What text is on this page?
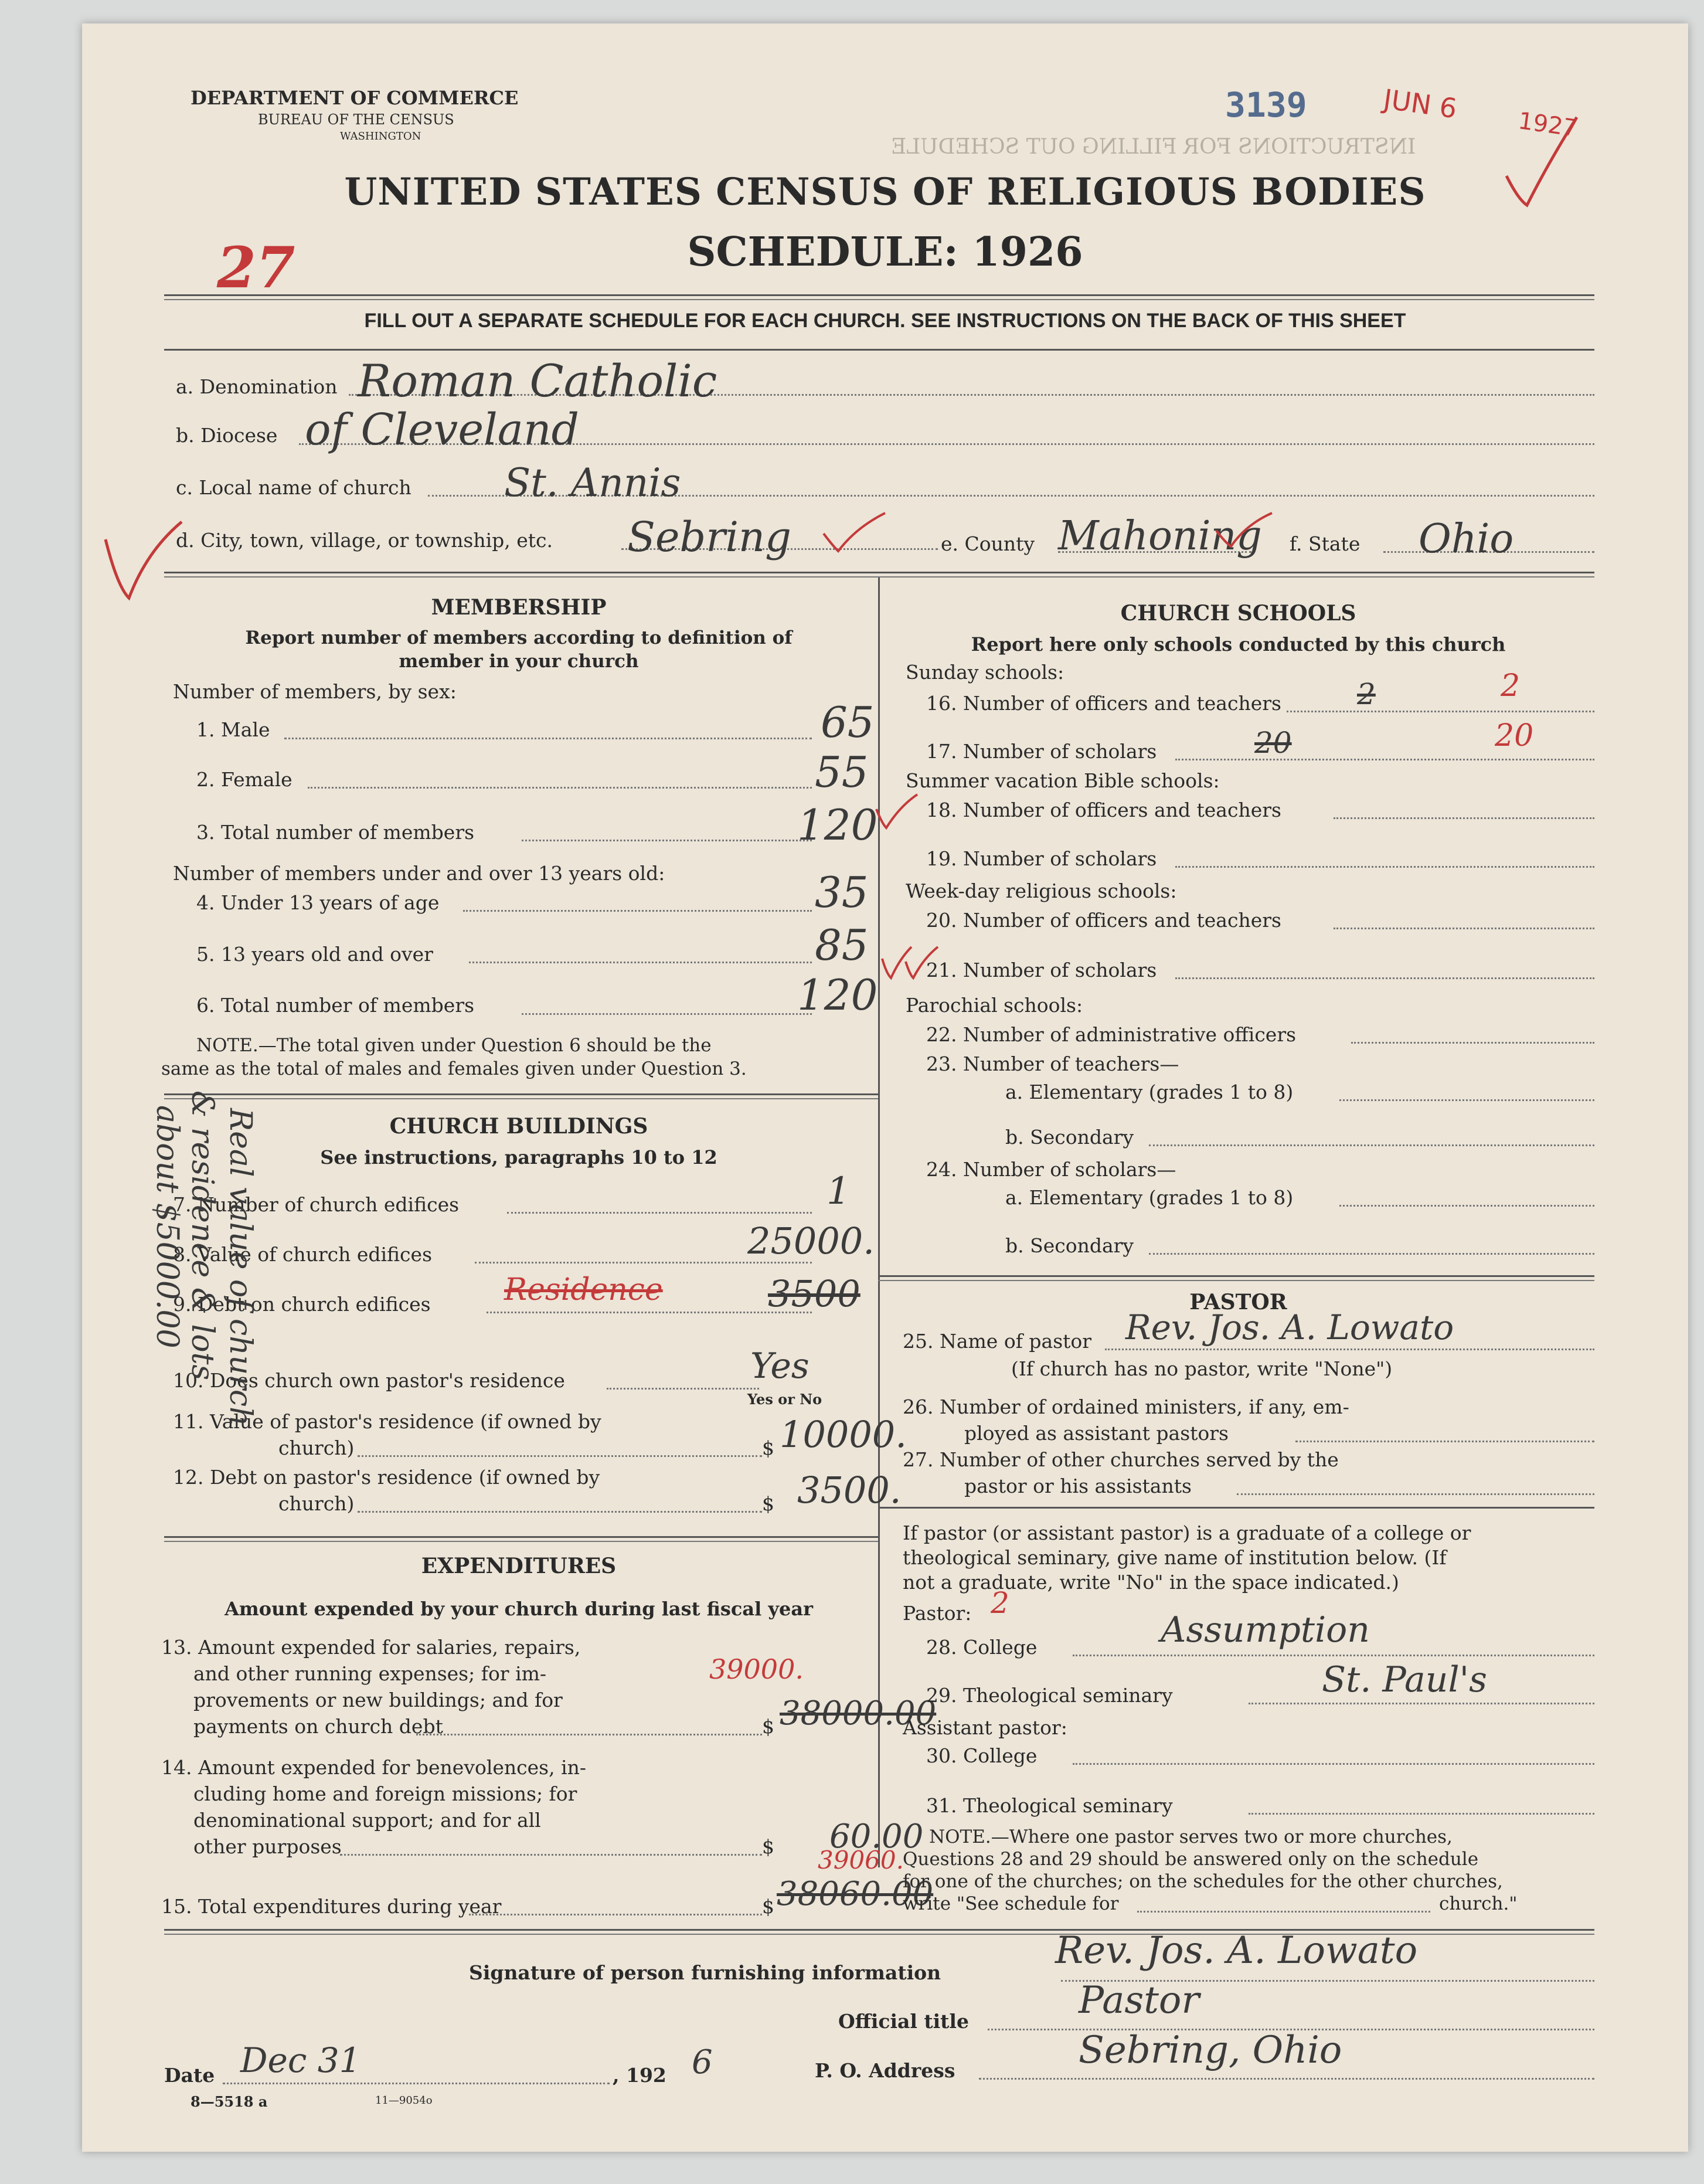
INSTRUCTIONS FOR FILLING OUT SCHEDULE
DEPARTMENT OF COMMERCE
BUREAU OF THE CENSUS
WASHINGTON
3139	JUN 6
1927
UNITED STATES CENSUS OF RELIGIOUS BODIES
SCHEDULE: 1926
27
FILL OUT A SEPARATE SCHEDULE FOR EACH CHURCH. SEE INSTRUCTIONS ON THE BACK OF THIS SHEET
a. Denomination Roman Catholic
b. Diocese of Cleveland
c. Local name of church St. Annis
d. City, town, village, or township, etc. Sebring	e. County Mahoning f. State Ohio
MEMBERSHIP
Report number of members according to definition of
member in your church
Number of members, by sex:
1. Male	65
2. Female	55
3. Total number of members	120
Number of members under and over 13 years old:
4. Under 13 years of age	35
5. 13 years old and over	85
6. Total number of members	120
NOTE.—The total given under Question 6 should be the
same as the total of males and females given under Question 3.
CHURCH BUILDINGS
See instructions, paragraphs 10 to 12
7. Number of church edifices	1
8. Value of church edifices	25000.
9. Debt on church edifices Residence	3500
10. Does church own pastor's residence	Yes
Yes or No
11. Value of pastor's residence (if owned by
church)	$ 10000.
12. Debt on pastor's residence (if owned by
church)	$ 3500.
Real value of church
& residence & lots
about $5000.00
EXPENDITURES
Amount expended by your church during last fiscal year
13. Amount expended for salaries, repairs,
and other running expenses; for im-
provements or new buildings; and for
payments on church debt	$
39000.
38000.00
14. Amount expended for benevolences, in-
cluding home and foreign missions; for
denominational support; and for all
other purposes	$ 60.00
15. Total expenditures during year	$
39060.
38060.00
CHURCH SCHOOLS
Report here only schools conducted by this church
Sunday schools:
16. Number of officers and teachers	2	2
17. Number of scholars	20	20
Summer vacation Bible schools:
18. Number of officers and teachers
19. Number of scholars
Week-day religious schools:
20. Number of officers and teachers
21. Number of scholars
Parochial schools:
22. Number of administrative officers
23. Number of teachers—
a. Elementary (grades 1 to 8)
b. Secondary
24. Number of scholars—
a. Elementary (grades 1 to 8)
b. Secondary
PASTOR
25. Name of pastor Rev. Jos. A. Lowato
(If church has no pastor, write "None")
26. Number of ordained ministers, if any, em-
ployed as assistant pastors
27. Number of other churches served by the
pastor or his assistants
If pastor (or assistant pastor) is a graduate of a college or
theological seminary, give name of institution below. (If
not a graduate, write "No" in the space indicated.)
Pastor: 2
28. College	Assumption
29. Theological seminary	St. Paul's
Assistant pastor:
30. College
31. Theological seminary
NOTE.—Where one pastor serves two or more churches,
Questions 28 and 29 should be answered only on the schedule
for one of the churches; on the schedules for the other churches,
write "See schedule for	church."
Signature of person furnishing information
Rev. Jos. A. Lowato
Official title	Pastor
Date Dec 31	, 192 6	P. O. Address	Sebring, Ohio
8—5518 a	11—9054o
